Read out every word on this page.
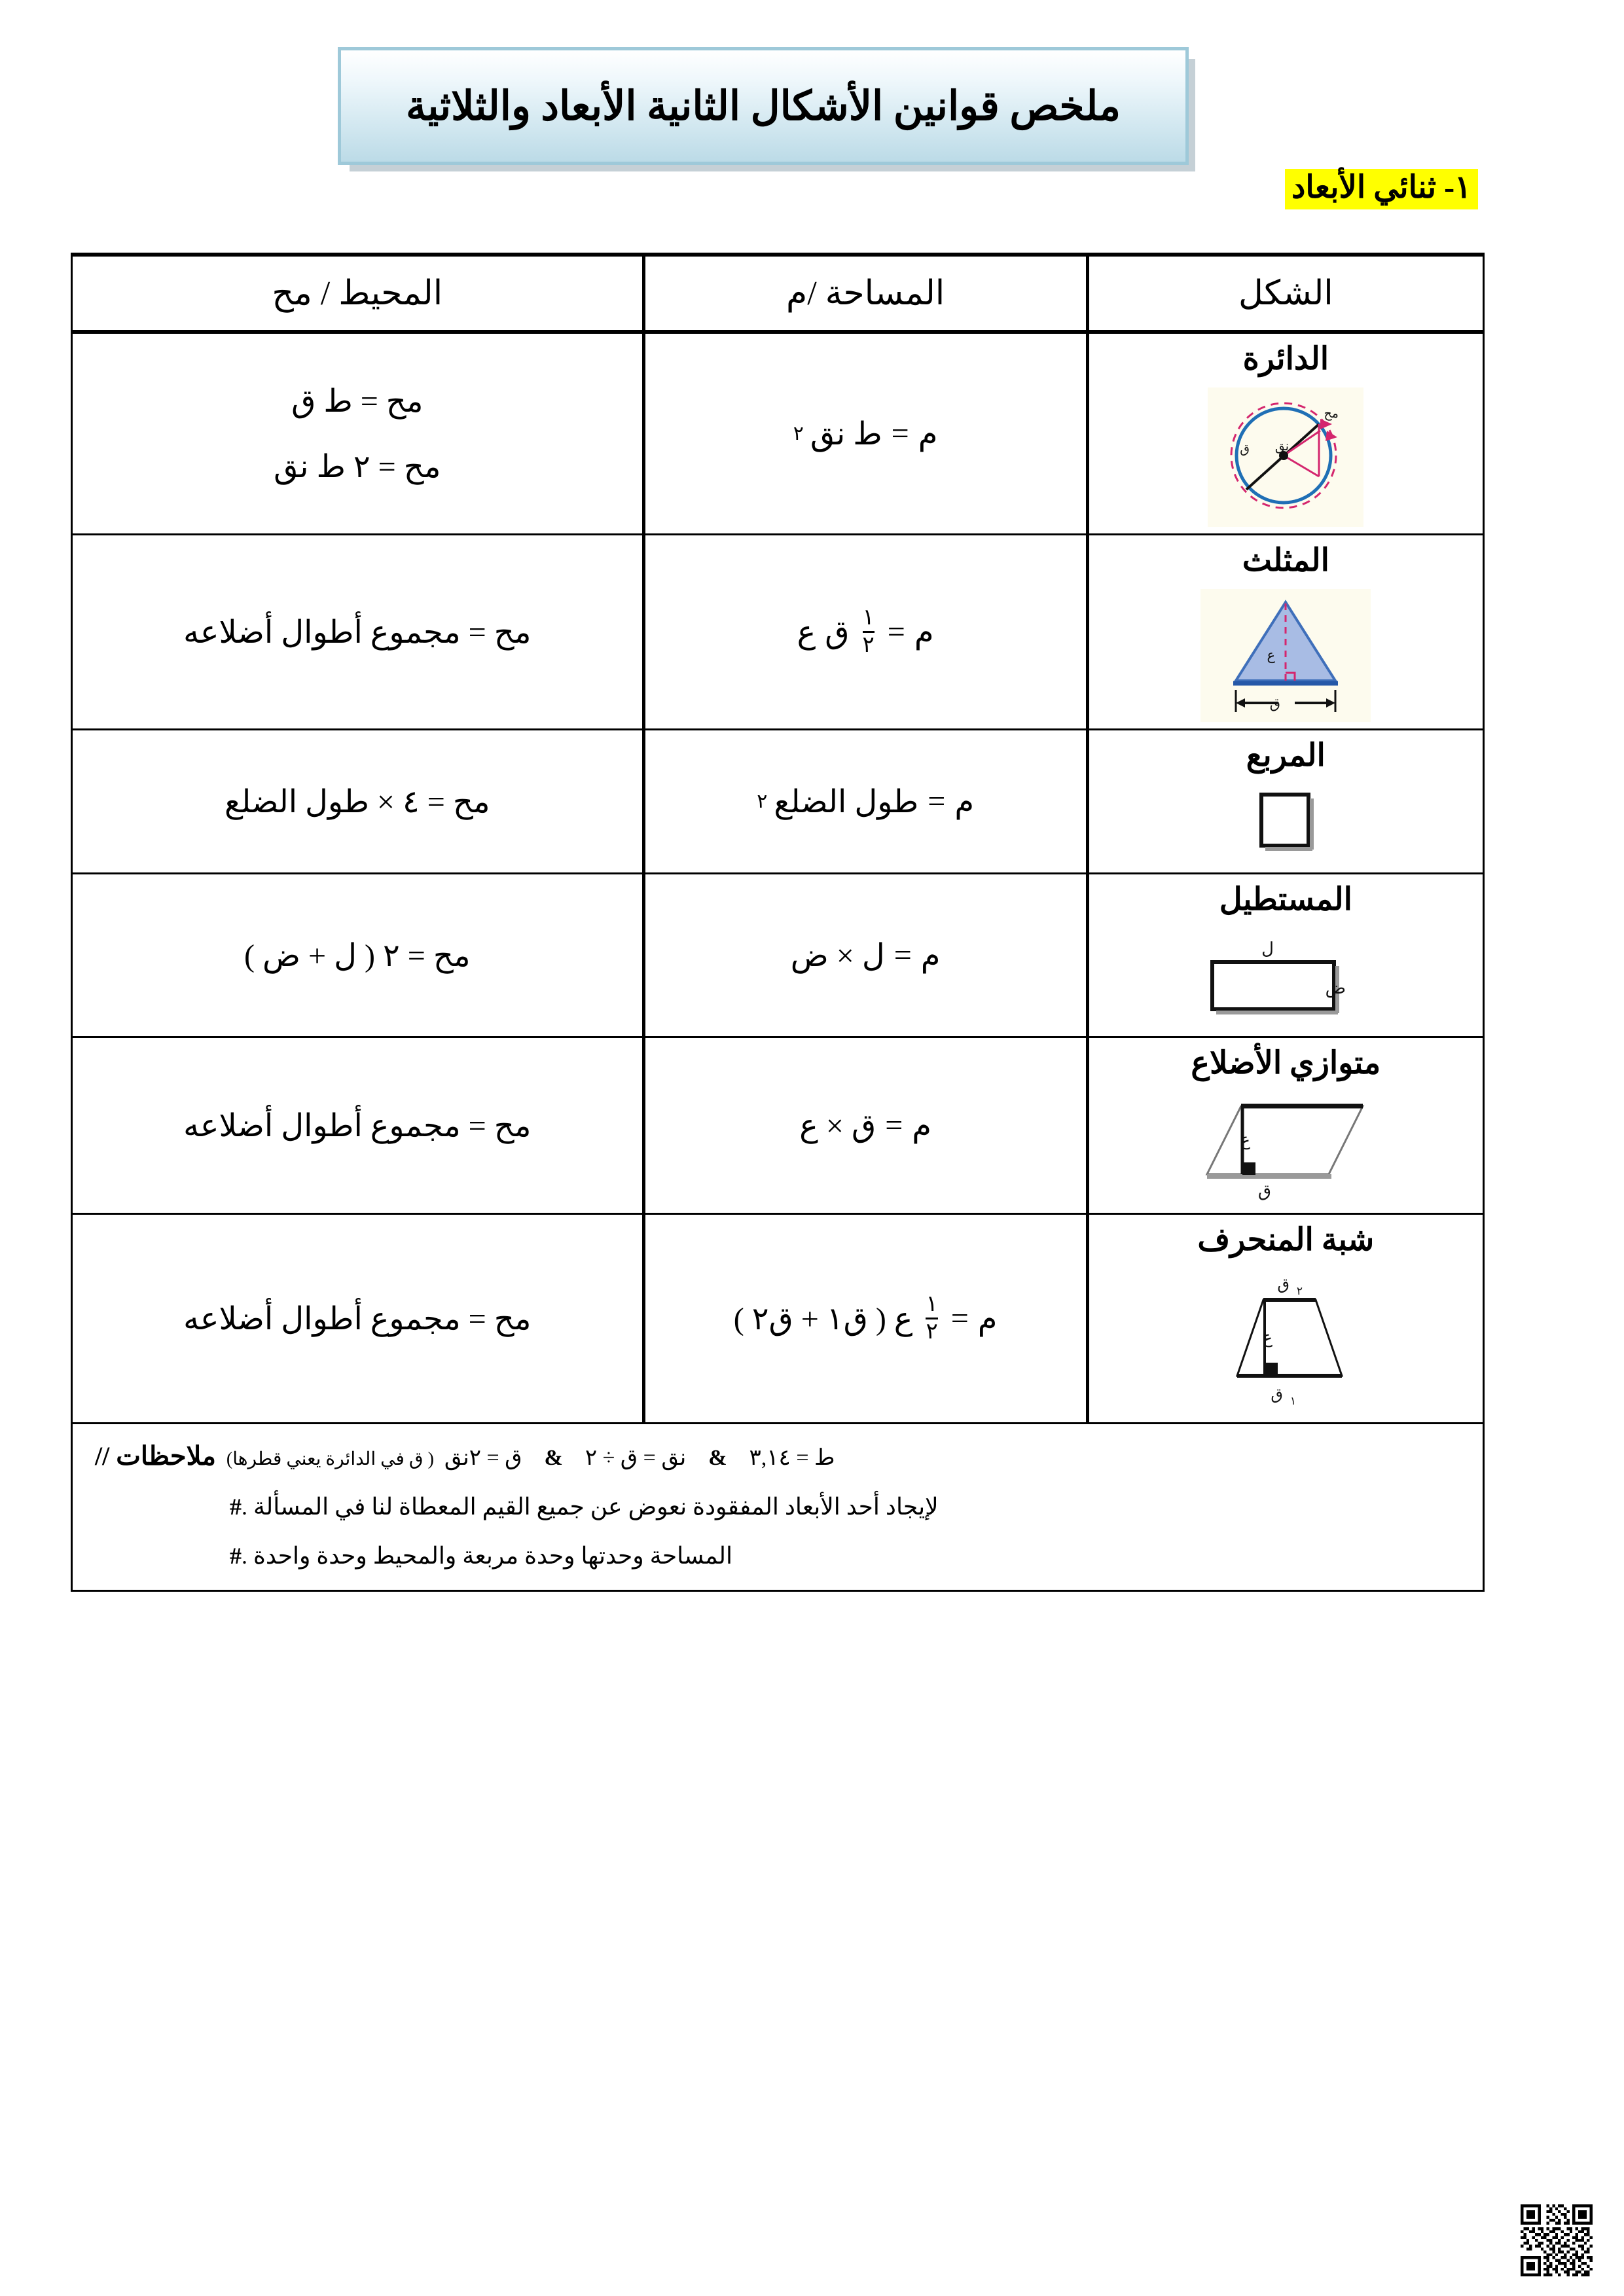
ملخص قوانين الأشكال الثانية الأبعاد والثلاثية
١- ثنائي الأبعاد
الشكل
المساحة /م
المحيط / مح
الدائرة
مح
ق نق
م
=
ط نق
٢
مح = ط ق
مح = ٢ ط نق
المثلث
ع
ق
م
=
$\frac{١}{٢}$
ق
ع
مح = مجموع أطوال أضلاعه
المربع
م
=
طول الضلع
٢
مح = ٤ × طول الضلع
المستطيل
ل
ض
م
=
ل × ض
مح = ٢ ( ل + ض )
متوازي الأضلاع
ع
ق
م
=
ق × ع
مح = مجموع أطوال أضلاعه
شبة المنحرف
ق ٢
ع
ق ١
م
=
$\frac{١}{٢}$
ع ( ق١ + ق٢ )
مح = مجموع أطوال أضلاعه
ط = ٣,١٤
&
نق = ق ÷ ٢
&
ق = ٢نق
( ق في الدائرة يعني قطرها)
ملاحظات //
لإيجاد أحد الأبعاد المفقودة نعوض عن جميع القيم المعطاة لنا في المسألة .
#
المساحة وحدتها وحدة مربعة والمحيط وحدة واحدة .
#
